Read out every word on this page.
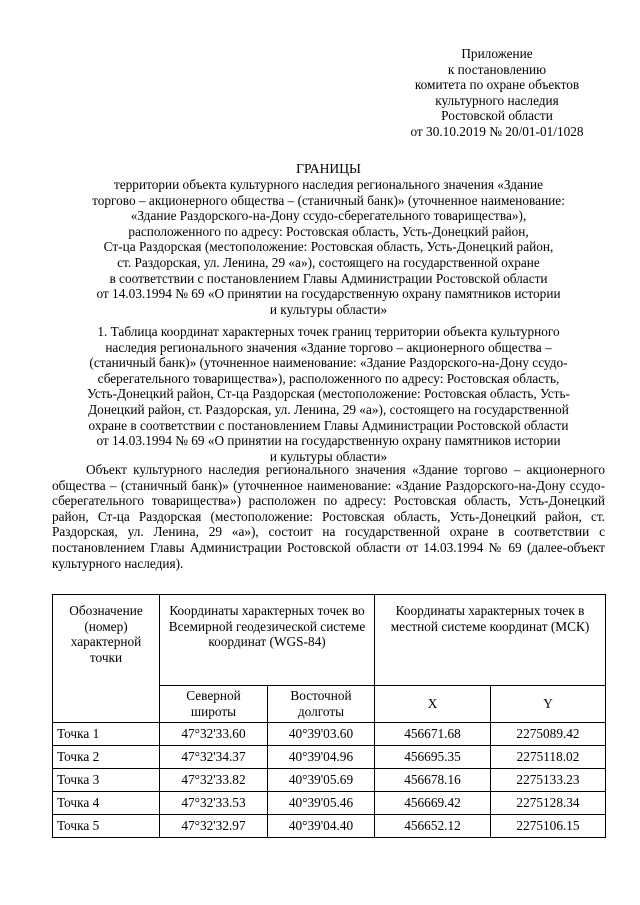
Приложение
к постановлению
комитета по охране объектов
культурного наследия
Ростовской области
от 30.10.2019 № 20/01-01/1028
ГРАНИЦЫ
территории объекта культурного наследия регионального значения «Здание
торгово – акционерного общества – (станичный банк)» (уточненное наименование:
«Здание Раздорского-на-Дону ссудо-сберегательного товарищества»),
расположенного по адресу: Ростовская область, Усть-Донецкий район,
Ст-ца Раздорская (местоположение: Ростовская область, Усть-Донецкий район,
ст. Раздорская, ул. Ленина, 29 «а»), состоящего на государственной охране
в соответствии с постановлением Главы Администрации Ростовской области
от 14.03.1994 № 69 «О принятии на государственную охрану памятников истории
и культуры области»
1. Таблица координат характерных точек границ территории объекта культурного
наследия регионального значения «Здание торгово – акционерного общества –
(станичный банк)» (уточненное наименование: «Здание Раздорского-на-Дону ссудо-
сберегательного товарищества»), расположенного по адресу: Ростовская область,
Усть-Донецкий район, Ст-ца Раздорская (местоположение: Ростовская область, Усть-
Донецкий район, ст. Раздорская, ул. Ленина, 29 «а»), состоящего на государственной
охране в соответствии с постановлением Главы Администрации Ростовской области
от 14.03.1994 № 69 «О принятии на государственную охрану памятников истории
и культуры области»
Объект культурного наследия регионального значения «Здание торгово – акционерного общества – (станичный банк)» (уточненное наименование: «Здание Раздорского-на-Дону ссудо-сберегательного товарищества») расположен по адресу: Ростовская область, Усть-Донецкий район, Ст-ца Раздорская (местоположение: Ростовская область, Усть-Донецкий район, ст. Раздорская, ул. Ленина, 29 «а»), состоит на государственной охране в соответствии с постановлением Главы Администрации Ростовской области от 14.03.1994 № 69 (далее-объект культурного наследия).
Обозначение (номер) характерной точки	Координаты характерных точек во Всемирной геодезической системе координат (WGS-84)		Координаты характерных точек в местной системе координат (МСК)	
	Северной широты	Восточной долготы	X	Y
Точка 1	47°32'33.60	40°39'03.60	456671.68	2275089.42
Точка 2	47°32'34.37	40°39'04.96	456695.35	2275118.02
Точка 3	47°32'33.82	40°39'05.69	456678.16	2275133.23
Точка 4	47°32'33.53	40°39'05.46	456669.42	2275128.34
Точка 5	47°32'32.97	40°39'04.40	456652.12	2275106.15
